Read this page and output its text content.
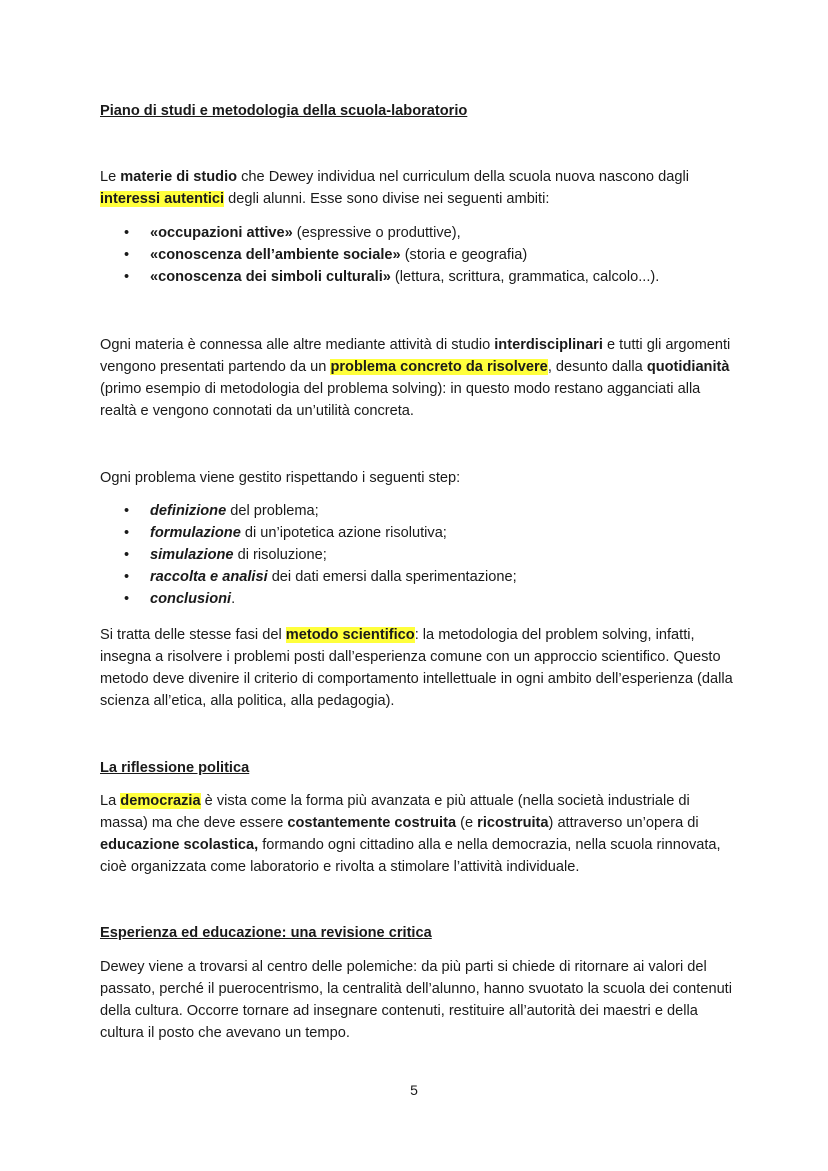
Piano di studi e metodologia della scuola-laboratorio

Le materie di studio che Dewey individua nel curriculum della scuola nuova nascono dagli interessi autentici degli alunni. Esse sono divise nei seguenti ambiti:

• «occupazioni attive» (espressive o produttive),
• «conoscenza dell’ambiente sociale» (storia e geografia)
• «conoscenza dei simboli culturali» (lettura, scrittura, grammatica, calcolo...).

Ogni materia è connessa alle altre mediante attività di studio interdisciplinari e tutti gli argomenti vengono presentati partendo da un problema concreto da risolvere, desunto dalla quotidianità (primo esempio di metodologia del problema solving): in questo modo restano agganciati alla realtà e vengono connotati da un’utilità concreta.

Ogni problema viene gestito rispettando i seguenti step:

• definizione del problema;
• formulazione di un’ipotetica azione risolutiva;
• simulazione di risoluzione;
• raccolta e analisi dei dati emersi dalla sperimentazione;
• conclusioni.

Si tratta delle stesse fasi del metodo scientifico: la metodologia del problem solving, infatti, insegna a risolvere i problemi posti dall’esperienza comune con un approccio scientifico. Questo metodo deve divenire il criterio di comportamento intellettuale in ogni ambito dell’esperienza (dalla scienza all’etica, alla politica, alla pedagogia).

La riflessione politica

La democrazia è vista come la forma più avanzata e più attuale (nella società industriale di massa) ma che deve essere costantemente costruita (e ricostruita) attraverso un’opera di educazione scolastica, formando ogni cittadino alla e nella democrazia, nella scuola rinnovata, cioè organizzata come laboratorio e rivolta a stimolare l’attività individuale.

Esperienza ed educazione: una revisione critica

Dewey viene a trovarsi al centro delle polemiche: da più parti si chiede di ritornare ai valori del passato, perché il puerocentrismo, la centralità dell’alunno, hanno svuotato la scuola dei contenuti della cultura. Occorre tornare ad insegnare contenuti, restituire all’autorità dei maestri e della cultura il posto che avevano un tempo.

5
